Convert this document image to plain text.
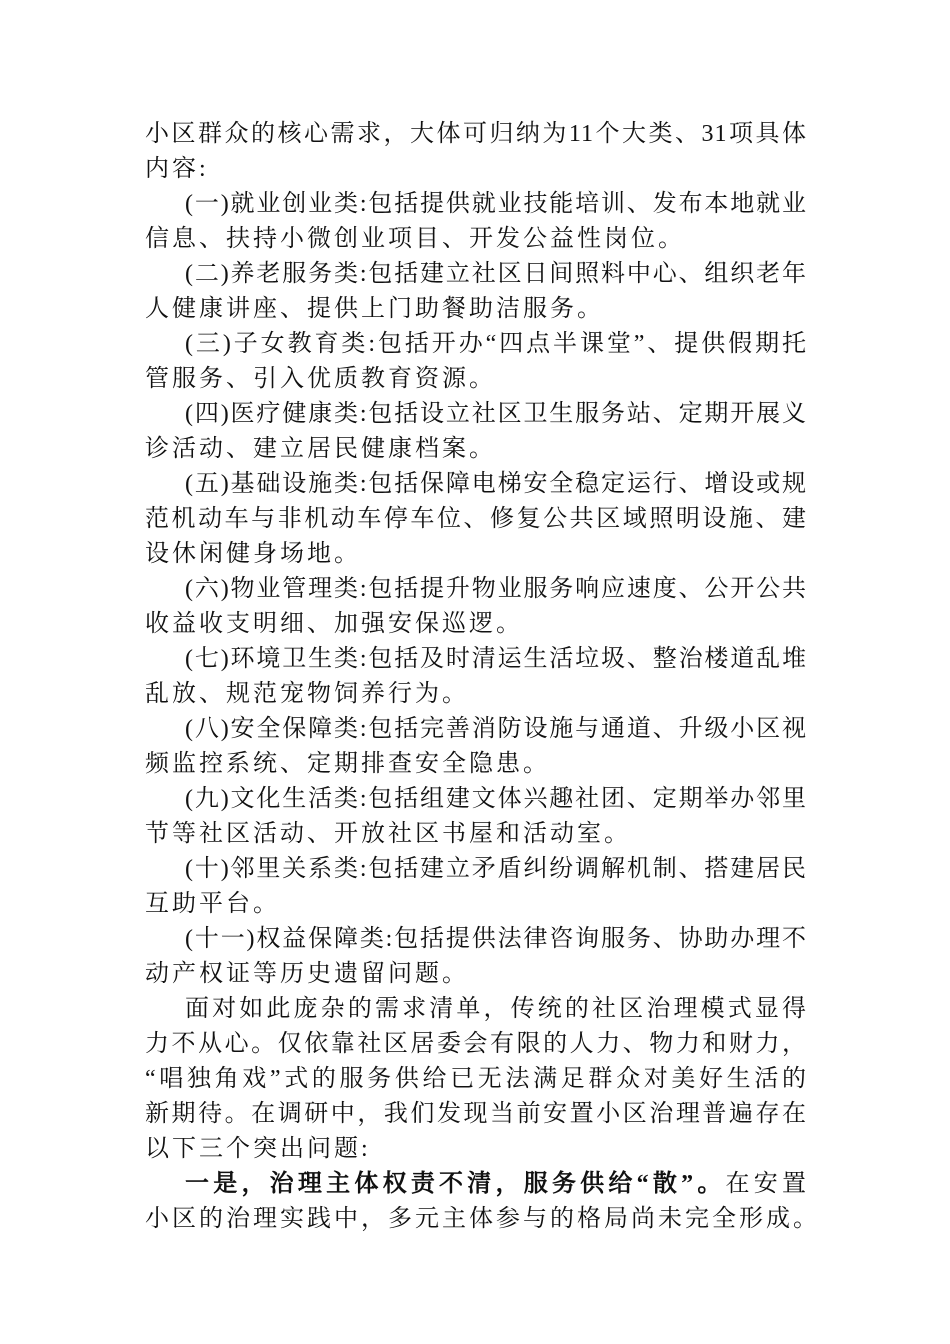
小区群众的核心需求，大体可归纳为11个大类、31项具体
内容:
(一)就业创业类:包括提供就业技能培训、发布本地就业
信息、扶持小微创业项目、开发公益性岗位。
(二)养老服务类:包括建立社区日间照料中心、组织老年
人健康讲座、提供上门助餐助洁服务。
(三)子女教育类:包括开办“四点半课堂”、提供假期托
管服务、引入优质教育资源。
(四)医疗健康类:包括设立社区卫生服务站、定期开展义
诊活动、建立居民健康档案。
(五)基础设施类:包括保障电梯安全稳定运行、增设或规
范机动车与非机动车停车位、修复公共区域照明设施、建
设休闲健身场地。
(六)物业管理类:包括提升物业服务响应速度、公开公共
收益收支明细、加强安保巡逻。
(七)环境卫生类:包括及时清运生活垃圾、整治楼道乱堆
乱放、规范宠物饲养行为。
(八)安全保障类:包括完善消防设施与通道、升级小区视
频监控系统、定期排查安全隐患。
(九)文化生活类:包括组建文体兴趣社团、定期举办邻里
节等社区活动、开放社区书屋和活动室。
(十)邻里关系类:包括建立矛盾纠纷调解机制、搭建居民
互助平台。
(十一)权益保障类:包括提供法律咨询服务、协助办理不
动产权证等历史遗留问题。
面对如此庞杂的需求清单，传统的社区治理模式显得
力不从心。仅依靠社区居委会有限的人力、物力和财力，
“唱独角戏”式的服务供给已无法满足群众对美好生活的
新期待。在调研中，我们发现当前安置小区治理普遍存在
以下三个突出问题:
一是，治理主体权责不清，服务供给“散”。在安置
小区的治理实践中，多元主体参与的格局尚未完全形成。
